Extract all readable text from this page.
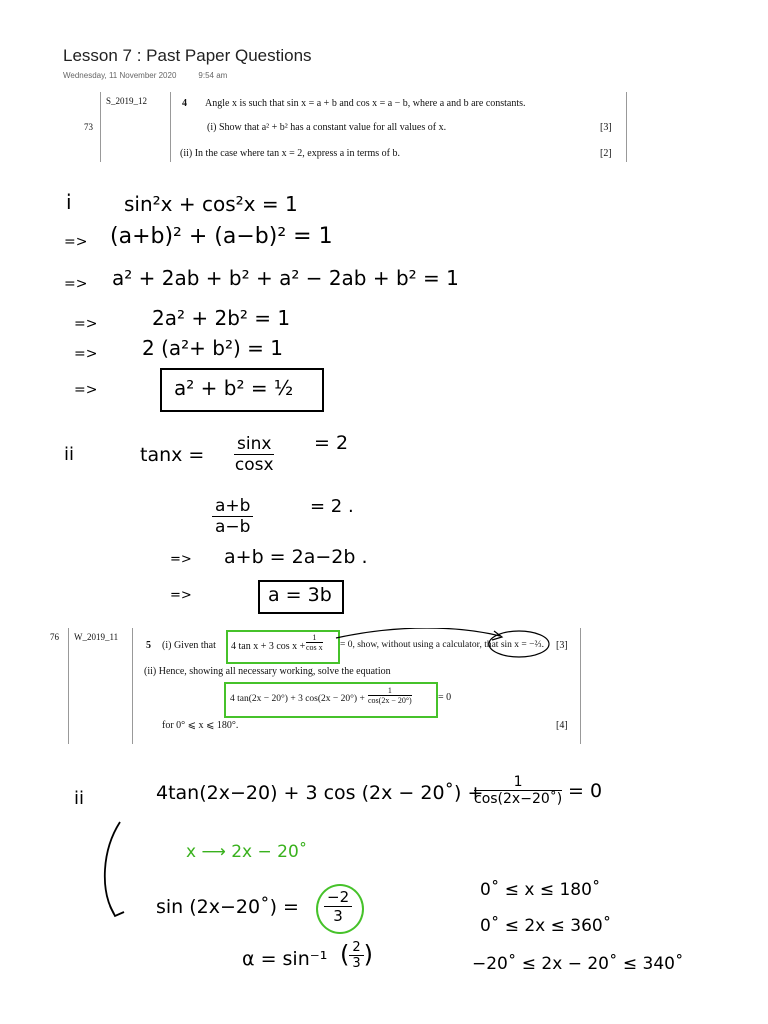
Lesson 7 : Past Paper Questions
Wednesday, 11 November 2020	9:54 am
73
S_2019_12	4 Angle x is such that sin x = a + b and cos x = a − b, where a and b are constants.
(i) Show that a² + b² has a constant value for all values of x.	[3]
(ii) In the case where tan x = 2, express a in terms of b.	[2]
i	sin²x + cos²x = 1
=> (a+b)² + (a−b)² = 1
=> a² + 2ab + b² + a² − 2ab + b² = 1
=>	2a² + 2b² = 1
=> 2 (a²+ b²) = 1
=>	a² + b² = ½
ii	$\tan x = \frac{\sin x}{\cos x} = 2$
$\frac{a+b}{a-b}$	= 2 .
=> a+b = 2a−2b .
=>	a = 3b
76 W_2019_11
5 (i) Given that 4 tan x + 3 $\cos x + \frac{1}{\text{cos x}} = 0$, show, without using a calculator, that sin x = −⅔. [3]
(ii) Hence, showing all necessary working, solve the equation
4 tan(2x − 20°) + 3 $\cos(2x - 20^\circ) + \frac{1}{\cos(2x - 20^\circ)}$	= 0
for 0° ⩽ x ⩽ 180°.	[4]
ii	4tan(2x−20) + 3 cos (2x − 20˚) +
$\frac{1}{\cos(2x-20˚)} = 0$
x ⟶ 2x − 20˚
sin (2x−20˚) = $\frac{-2}{3}$
α = sin⁻¹ ( $\frac{2}{3}$ )
0˚ ≤ x ≤ 180˚
0˚ ≤ 2x ≤ 360˚
−20˚ ≤ 2x − 20˚ ≤ 340˚
